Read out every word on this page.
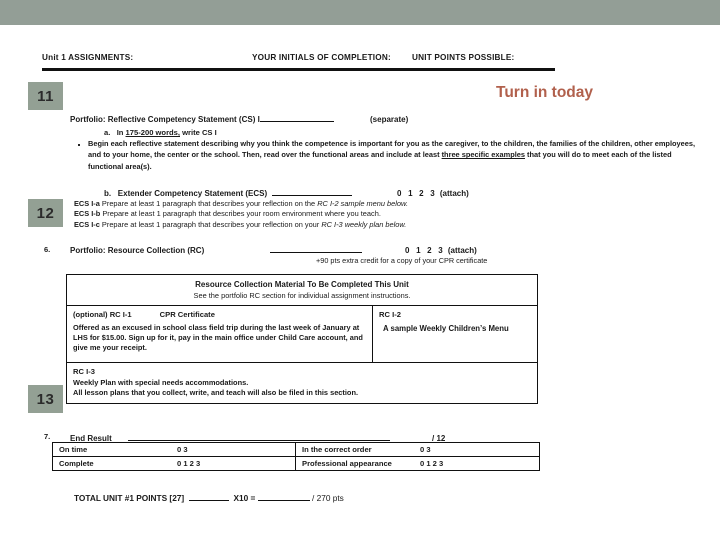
Unit 1 ASSIGNMENTS:	YOUR INITIALS OF COMPLETION:	UNIT POINTS POSSIBLE:
Portfolio: Reflective Competency Statement (CS) I	(separate)
a. In 175-200 words, write CS I
Begin each reflective statement describing why you think the competence is important for you as the caregiver, to the children, the families of the children, other employees, and to your home, the center or the school. Then, read over the functional areas and include at least three specific examples that you will do to meet each of the listed functional area(s).
b. Extender Competency Statement (ECS)	0 1 2 3 (attach)
ECS I-a Prepare at least 1 paragraph that describes your reflection on the RC I-2 sample menu below.
ECS I-b Prepare at least 1 paragraph that describes your room environment where you teach.
ECS I-c Prepare at least 1 paragraph that describes your reflection on your RC I-3 weekly plan below.
6. Portfolio: Resource Collection (RC)	0 1 2 3 (attach)
+90 pts extra credit for a copy of your CPR certificate
Resource Collection Material To Be Completed This Unit
See the portfolio RC section for individual assignment instructions.
(optional) RC I-1	CPR Certificate
Offered as an excused in school class field trip during the last week of January at LHS for $15.00. Sign up for it, pay in the main office under Child Care account, and give me your receipt.
RC I-2
A sample Weekly Children’s Menu
RC I-3
Weekly Plan with special needs accommodations.
All lesson plans that you collect, write, and teach will also be filed in this section.
7. End Result	/ 12
On time	0 3	In the correct order	0 3
Complete	0 1 2 3	Professional appearance	0 1 2 3
TOTAL UNIT #1 POINTS [27]	X10 =	/ 270 pts
Turn in today
11
12
13
